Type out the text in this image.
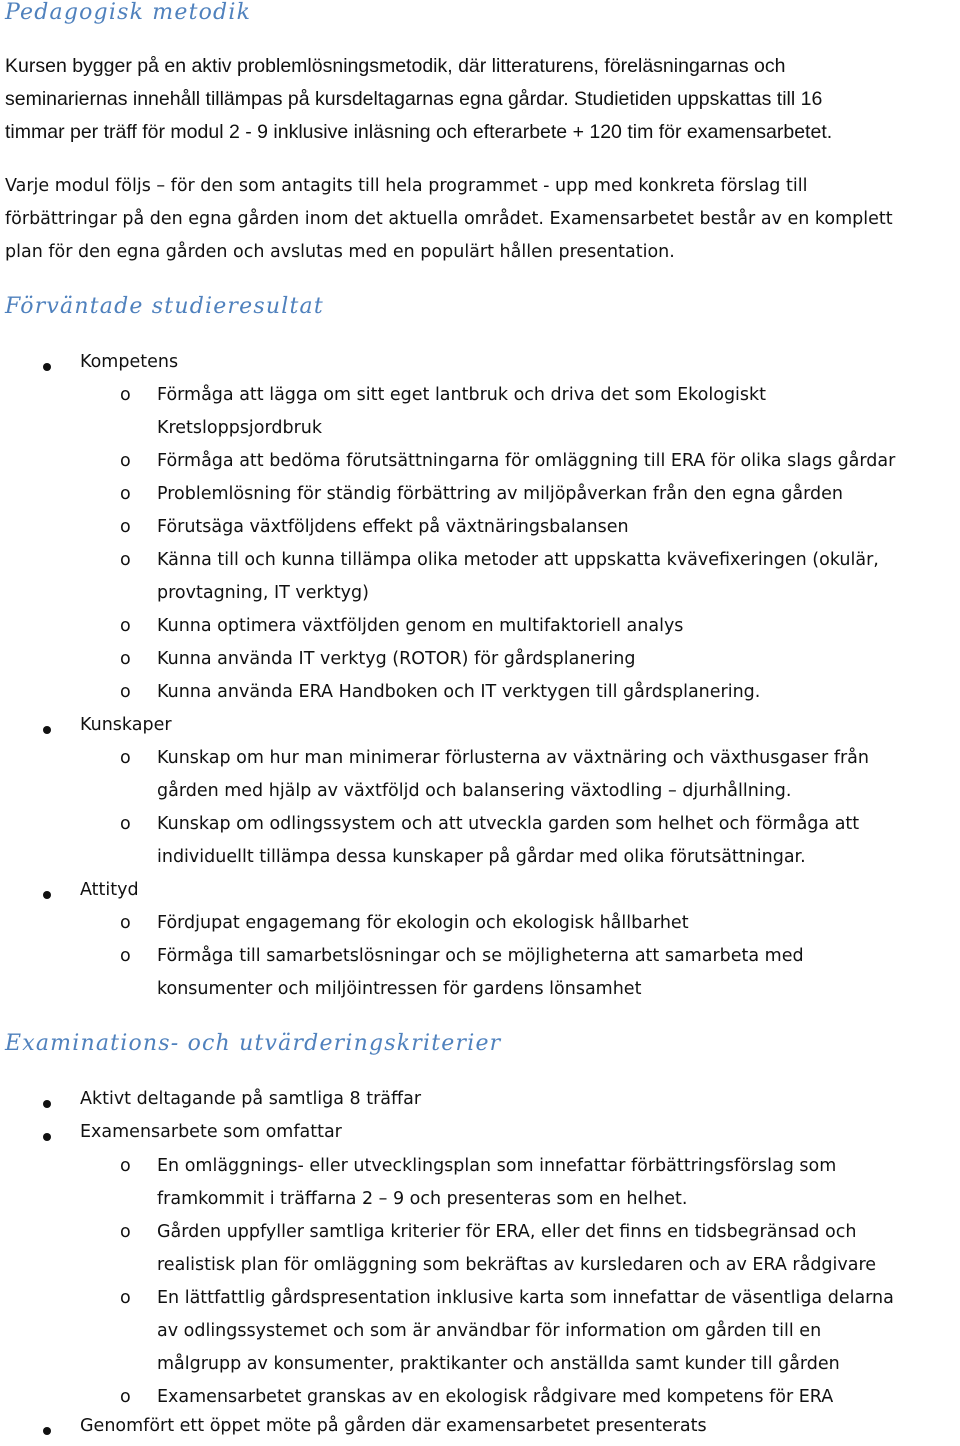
Pedagogisk metodik

Kursen bygger på en aktiv problemlösningsmetodik, där litteraturens, föreläsningarnas och
seminariernas innehåll tillämpas på kursdeltagarnas egna gårdar. Studietiden uppskattas till 16
timmar per träff för modul 2 - 9 inklusive inläsning och efterarbete + 120 tim för examensarbetet.

Varje modul följs – för den som antagits till hela programmet - upp med konkreta förslag till
förbättringar på den egna gården inom det aktuella området. Examensarbetet består av en komplett
plan för den egna gården och avslutas med en populärt hållen presentation.

Förväntade studieresultat
Kompetens
o Förmåga att lägga om sitt eget lantbruk och driva det som Ekologiskt
Kretsloppsjordbruk
o Förmåga att bedöma förutsättningarna för omläggning till ERA för olika slags gårdar
o Problemlösning för ständig förbättring av miljöpåverkan från den egna gården
o Förutsäga växtföljdens effekt på växtnäringsbalansen
o Känna till och kunna tillämpa olika metoder att uppskatta kvävefixeringen (okulär,
provtagning, IT verktyg)
o Kunna optimera växtföljden genom en multifaktoriell analys
o Kunna använda IT verktyg (ROTOR) för gårdsplanering
o Kunna använda ERA Handboken och IT verktygen till gårdsplanering.
Kunskaper
o Kunskap om hur man minimerar förlusterna av växtnäring och växthusgaser från
gården med hjälp av växtföljd och balansering växtodling – djurhållning.
o Kunskap om odlingssystem och att utveckla garden som helhet och förmåga att
individuellt tillämpa dessa kunskaper på gårdar med olika förutsättningar.
Attityd
o Fördjupat engagemang för ekologin och ekologisk hållbarhet
o Förmåga till samarbetslösningar och se möjligheterna att samarbeta med
konsumenter och miljöintressen för gardens lönsamhet
Examinations- och utvärderingskriterier
Aktivt deltagande på samtliga 8 träffar
Examensarbete som omfattar
o En omläggnings- eller utvecklingsplan som innefattar förbättringsförslag som
framkommit i träffarna 2 – 9 och presenteras som en helhet.
o Gården uppfyller samtliga kriterier för ERA, eller det finns en tidsbegränsad och
realistisk plan för omläggning som bekräftas av kursledaren och av ERA rådgivare
o En lättfattlig gårdspresentation inklusive karta som innefattar de väsentliga delarna
av odlingssystemet och som är användbar för information om gården till en
målgrupp av konsumenter, praktikanter och anställda samt kunder till gården
o Examensarbetet granskas av en ekologisk rådgivare med kompetens för ERA
Genomfört ett öppet möte på gården där examensarbetet presenterats
